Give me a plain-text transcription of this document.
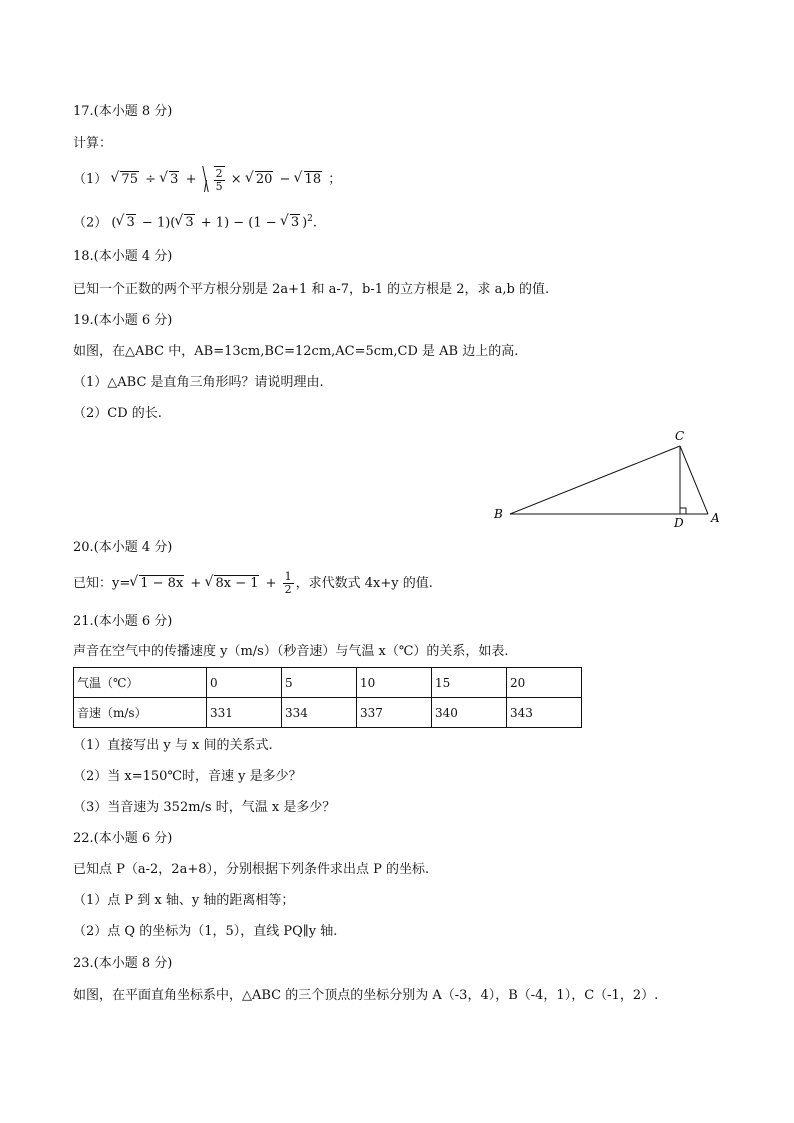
17.(本小题 8 分)
计算：
（1） √ 75 ÷ √ $3 + \frac{2}{5}$ × √ 20 − √ 18 ；
（2） ( √ 3 − 1)( √ 3 + 1) − (1 − √ 3 )$^2$.
18.(本小题 4 分)
已知一个正数的两个平方根分别是 2a+1 和 a-7，b-1 的立方根是 2，求 a,b 的值.
19.(本小题 6 分)
如图，在△ABC 中，AB=13cm,BC=12cm,AC=5cm,CD 是 AB 边上的高.
（1）△ABC 是直角三角形吗？请说明理由.
（2）CD 的长.
C
B
D A
20.(本小题 4 分)
已知：y= √ 1 − 8x + √ $8x - 1 + \frac{1}{2}$ ，求代数式 4x+y 的值.
21.(本小题 6 分)
声音在空气中的传播速度 y（m/s）（秒音速）与气温 x（℃）的关系，如表.
气温（℃）	0	5	10	15	20
音速（m/s）	331	334	337	340	343
（1）直接写出 y 与 x 间的关系式.
（2）当 x=150℃时，音速 y 是多少？
（3）当音速为 352m/s 时，气温 x 是多少？
22.(本小题 6 分)
已知点 P（a-2，2a+8），分别根据下列条件求出点 P 的坐标.
（1）点 P 到 x 轴、y 轴的距离相等；
（2）点 Q 的坐标为（1，5），直线 PQ∥y 轴.
23.(本小题 8 分)
如图，在平面直角坐标系中，△ABC 的三个顶点的坐标分别为 A（-3，4），B（-4，1），C（-1，2）.
